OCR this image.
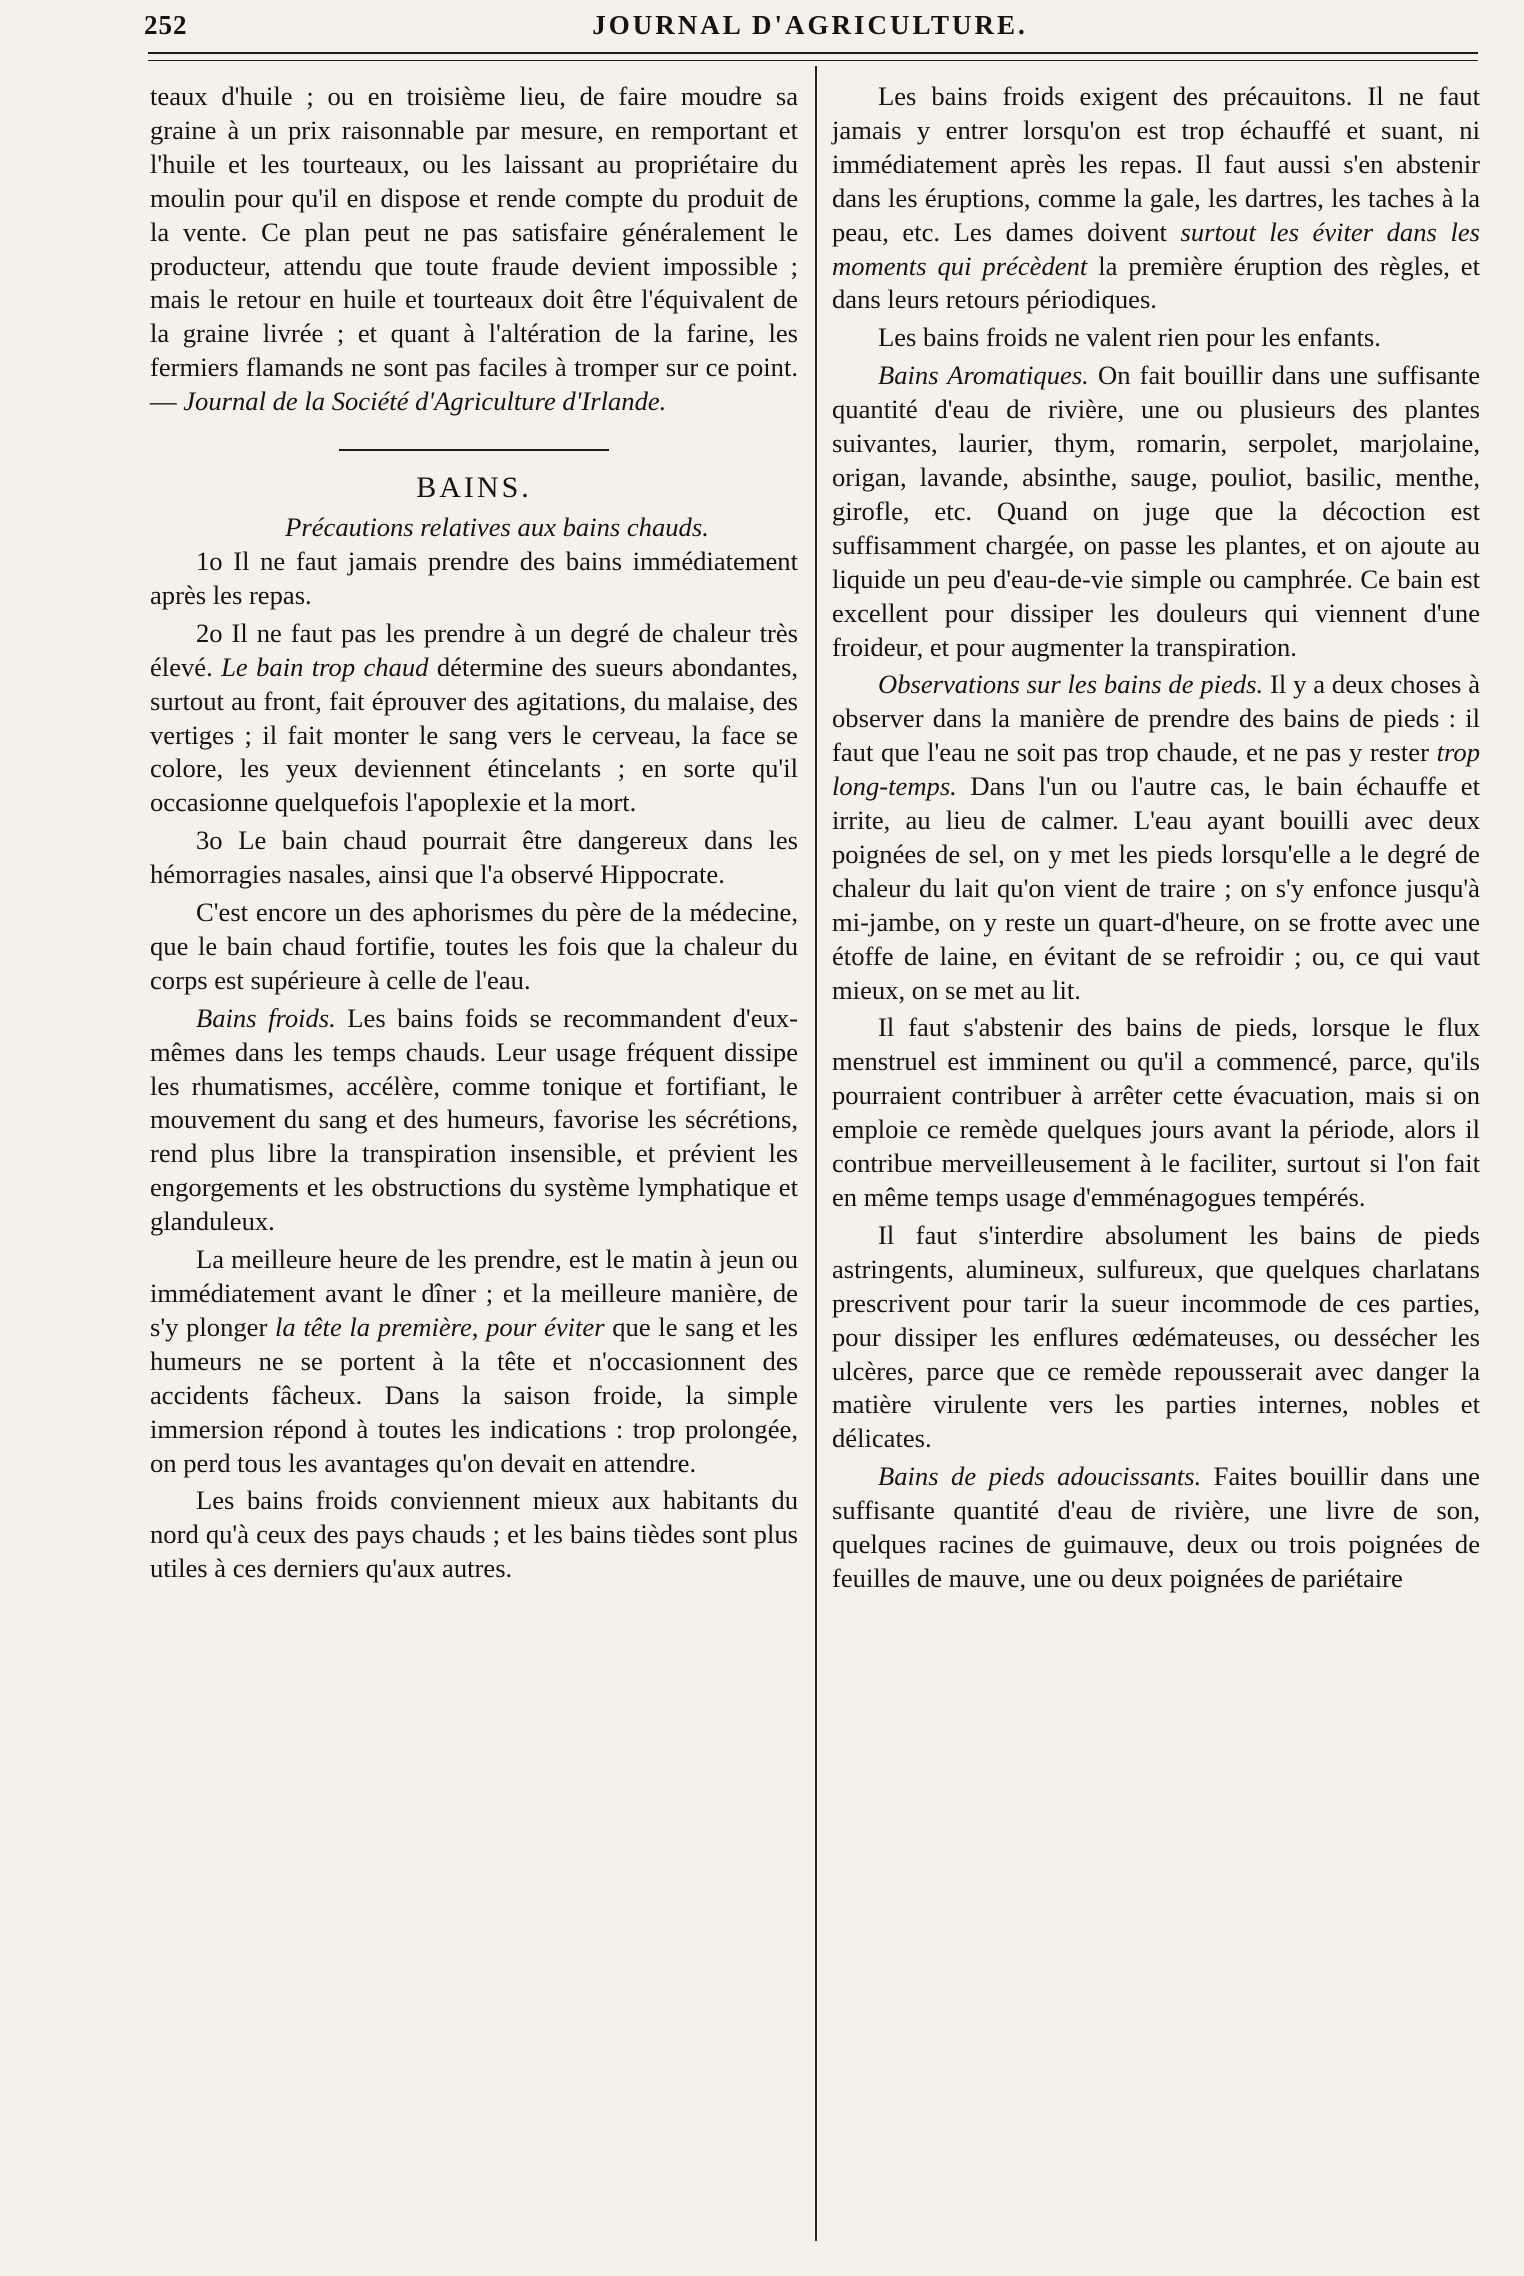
252	JOURNAL D'AGRICULTURE.

teaux d'huile ; ou en troisième lieu, de faire moudre sa graine à un prix raisonnable par mesure, en remportant et l'huile et les tourteaux, ou les laissant au propriétaire du moulin pour qu'il en dispose et rende compte du produit de la vente. Ce plan peut ne pas satisfaire généralement le producteur, attendu que toute fraude devient impossible ; mais le retour en huile et tourteaux doit être l'équivalent de la graine livrée ; et quant à l'altération de la farine, les fermiers flamands ne sont pas faciles à tromper sur ce point.— Journal de la Société d'Agriculture d'Irlande.

BAINS.

Précautions relatives aux bains chauds.

1o Il ne faut jamais prendre des bains immédiatement après les repas.

2o Il ne faut pas les prendre à un degré de chaleur très élevé. Le bain trop chaud détermine des sueurs abondantes, surtout au front, fait éprouver des agitations, du malaise, des vertiges ; il fait monter le sang vers le cerveau, la face se colore, les yeux deviennent étincelants ; en sorte qu'il occasionne quelquefois l'apoplexie et la mort.

3o Le bain chaud pourrait être dangereux dans les hémorragies nasales, ainsi que l'a observé Hippocrate.

C'est encore un des aphorismes du père de la médecine, que le bain chaud fortifie, toutes les fois que la chaleur du corps est supérieure à celle de l'eau.

Bains froids. Les bains foids se recommandent d'eux-mêmes dans les temps chauds. Leur usage fréquent dissipe les rhumatismes, accélère, comme tonique et fortifiant, le mouvement du sang et des humeurs, favorise les sécrétions, rend plus libre la transpiration insensible, et prévient les engorgements et les obstructions du système lymphatique et glanduleux.

La meilleure heure de les prendre, est le matin à jeun ou immédiatement avant le dîner ; et la meilleure manière, de s'y plonger la tête la première, pour éviter que le sang et les humeurs ne se portent à la tête et n'occasionnent des accidents fâcheux. Dans la saison froide, la simple immersion répond à toutes les indications : trop prolongée, on perd tous les avantages qu'on devait en attendre.

Les bains froids conviennent mieux aux habitants du nord qu'à ceux des pays chauds ; et les bains tièdes sont plus utiles à ces derniers qu'aux autres.

Les bains froids exigent des précauitons. Il ne faut jamais y entrer lorsqu'on est trop échauffé et suant, ni immédiatement après les repas. Il faut aussi s'en abstenir dans les éruptions, comme la gale, les dartres, les taches à la peau, etc. Les dames doivent surtout les éviter dans les moments qui précèdent la première éruption des règles, et dans leurs retours périodiques.

Les bains froids ne valent rien pour les enfants.

Bains Aromatiques. On fait bouillir dans une suffisante quantité d'eau de rivière, une ou plusieurs des plantes suivantes, laurier, thym, romarin, serpolet, marjolaine, origan, lavande, absinthe, sauge, pouliot, basilic, menthe, girofle, etc. Quand on juge que la décoction est suffisamment chargée, on passe les plantes, et on ajoute au liquide un peu d'eau-de-vie simple ou camphrée. Ce bain est excellent pour dissiper les douleurs qui viennent d'une froideur, et pour augmenter la transpiration.

Observations sur les bains de pieds. Il y a deux choses à observer dans la manière de prendre des bains de pieds : il faut que l'eau ne soit pas trop chaude, et ne pas y rester trop long-temps. Dans l'un ou l'autre cas, le bain échauffe et irrite, au lieu de calmer. L'eau ayant bouilli avec deux poignées de sel, on y met les pieds lorsqu'elle a le degré de chaleur du lait qu'on vient de traire ; on s'y enfonce jusqu'à mi-jambe, on y reste un quart-d'heure, on se frotte avec une étoffe de laine, en évitant de se refroidir ; ou, ce qui vaut mieux, on se met au lit.

Il faut s'abstenir des bains de pieds, lorsque le flux menstruel est imminent ou qu'il a commencé, parce, qu'ils pourraient contribuer à arrêter cette évacuation, mais si on emploie ce remède quelques jours avant la période, alors il contribue merveilleusement à le faciliter, surtout si l'on fait en même temps usage d'emménagogues tempérés.

Il faut s'interdire absolument les bains de pieds astringents, alumineux, sulfureux, que quelques charlatans prescrivent pour tarir la sueur incommode de ces parties, pour dissiper les enflures œdémateuses, ou dessécher les ulcères, parce que ce remède repousserait avec danger la matière virulente vers les parties internes, nobles et délicates.

Bains de pieds adoucissants. Faites bouillir dans une suffisante quantité d'eau de rivière, une livre de son, quelques racines de guimauve, deux ou trois poignées de feuilles de mauve, une ou deux poignées de pariétaire
